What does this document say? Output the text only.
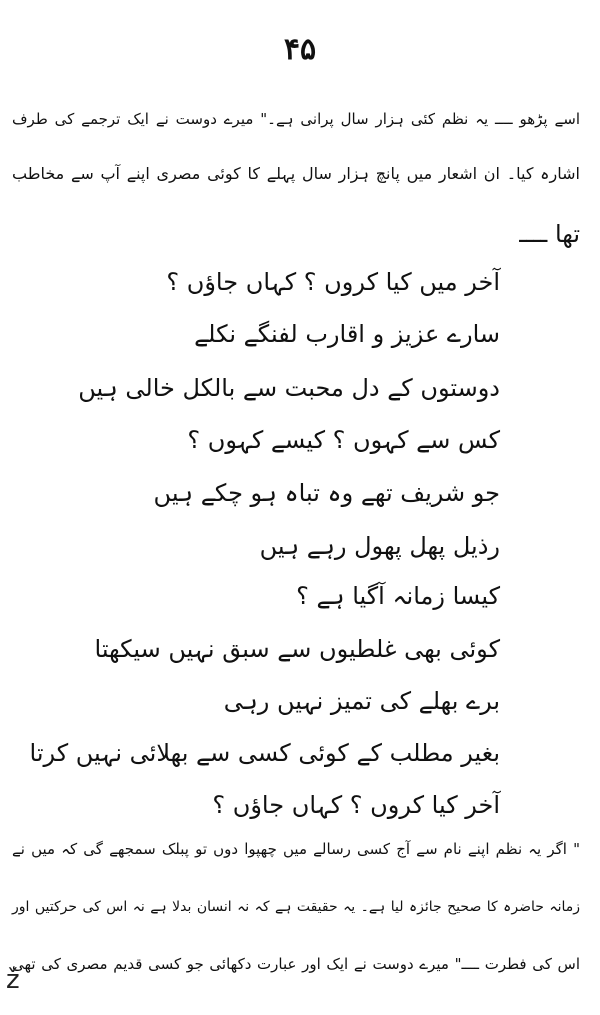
۴۵
اسے پڑھو ــــ یہ نظم کئی ہزار سال پرانی ہے۔" میرے دوست نے ایک ترجمے کی طرف
اشارہ کیا۔ ان اشعار میں پانچ ہزار سال پہلے کا کوئی مصری اپنے آپ سے مخاطب
تھا ــــ
آخر میں کیا کروں ؟ کہاں جاؤں ؟
سارے عزیز و اقارب لفنگے نکلے
دوستوں کے دل محبت سے بالکل خالی ہیں
کس سے کہوں ؟ کیسے کہوں ؟
جو شریف تھے وہ تباہ ہو چکے ہیں
رذیل پھل پھول رہے ہیں
کیسا زمانہ آگیا ہے ؟
کوئی بھی غلطیوں سے سبق نہیں سیکھتا
برے بھلے کی تمیز نہیں رہی
بغیر مطلب کے کوئی کسی سے بھلائی نہیں کرتا
آخر کیا کروں ؟ کہاں جاؤں ؟
" اگر یہ نظم اپنے نام سے آج کسی رسالے میں چھپوا دوں تو پبلک سمجھے گی کہ میں نے
زمانہ حاضرہ کا صحیح جائزہ لیا ہے۔ یہ حقیقت ہے کہ نہ انسان بدلا ہے نہ اس کی حرکتیں اور
اس کی فطرت ــــ" میرے دوست نے ایک اور عبارت دکھائی جو کسی قدیم مصری کی تھی
ž
